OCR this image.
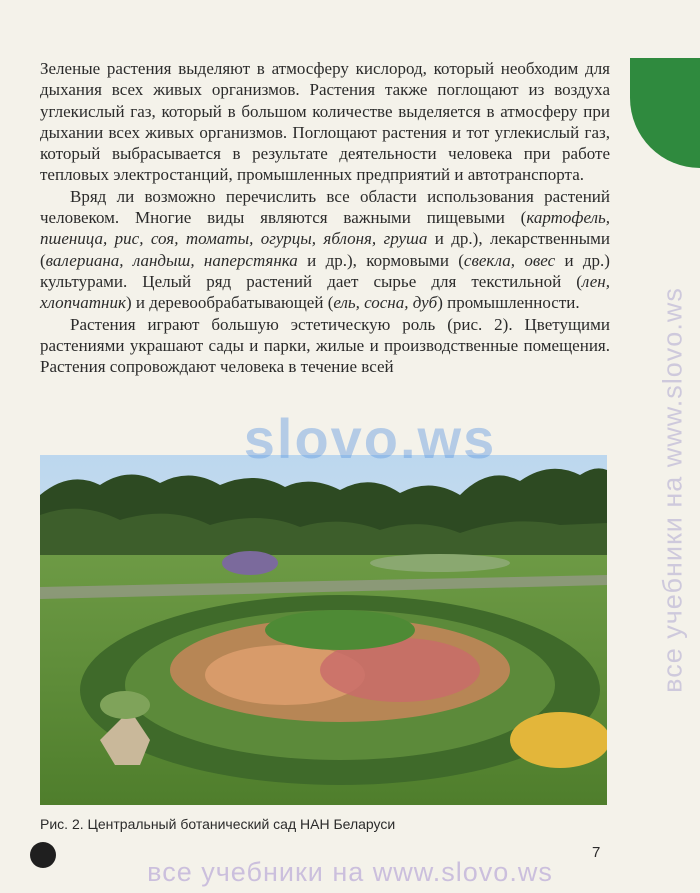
Зеленые растения выделяют в атмосферу кислород, который необходим для дыхания всех живых организмов. Растения также поглощают из воздуха углекислый газ, который в большом количестве выделяется в атмосферу при дыхании всех живых организмов. Поглощают растения и тот углекислый газ, который выбрасывается в результате деятельности человека при работе тепловых электростанций, промышленных предприятий и автотранспорта.

Вряд ли возможно перечислить все области использования растений человеком. Многие виды являются важными пищевыми (картофель, пшеница, рис, соя, томаты, огурцы, яблоня, груша и др.), лекарственными (валериана, ландыш, наперстянка и др.), кормовыми (свекла, овес и др.) культурами. Целый ряд растений дает сырье для текстильной (лен, хлопчатник) и деревообрабатывающей (ель, сосна, дуб) промышленности.

Растения играют большую эстетическую роль (рис. 2). Цветущими растениями украшают сады и парки, жилые и производственные помещения. Растения сопровождают человека в течение всей

slovo.ws	все учебники на www.slovo.ws
Рис. 2. Центральный ботанический сад НАН Беларуси
7
все учебники на www.slovo.ws
